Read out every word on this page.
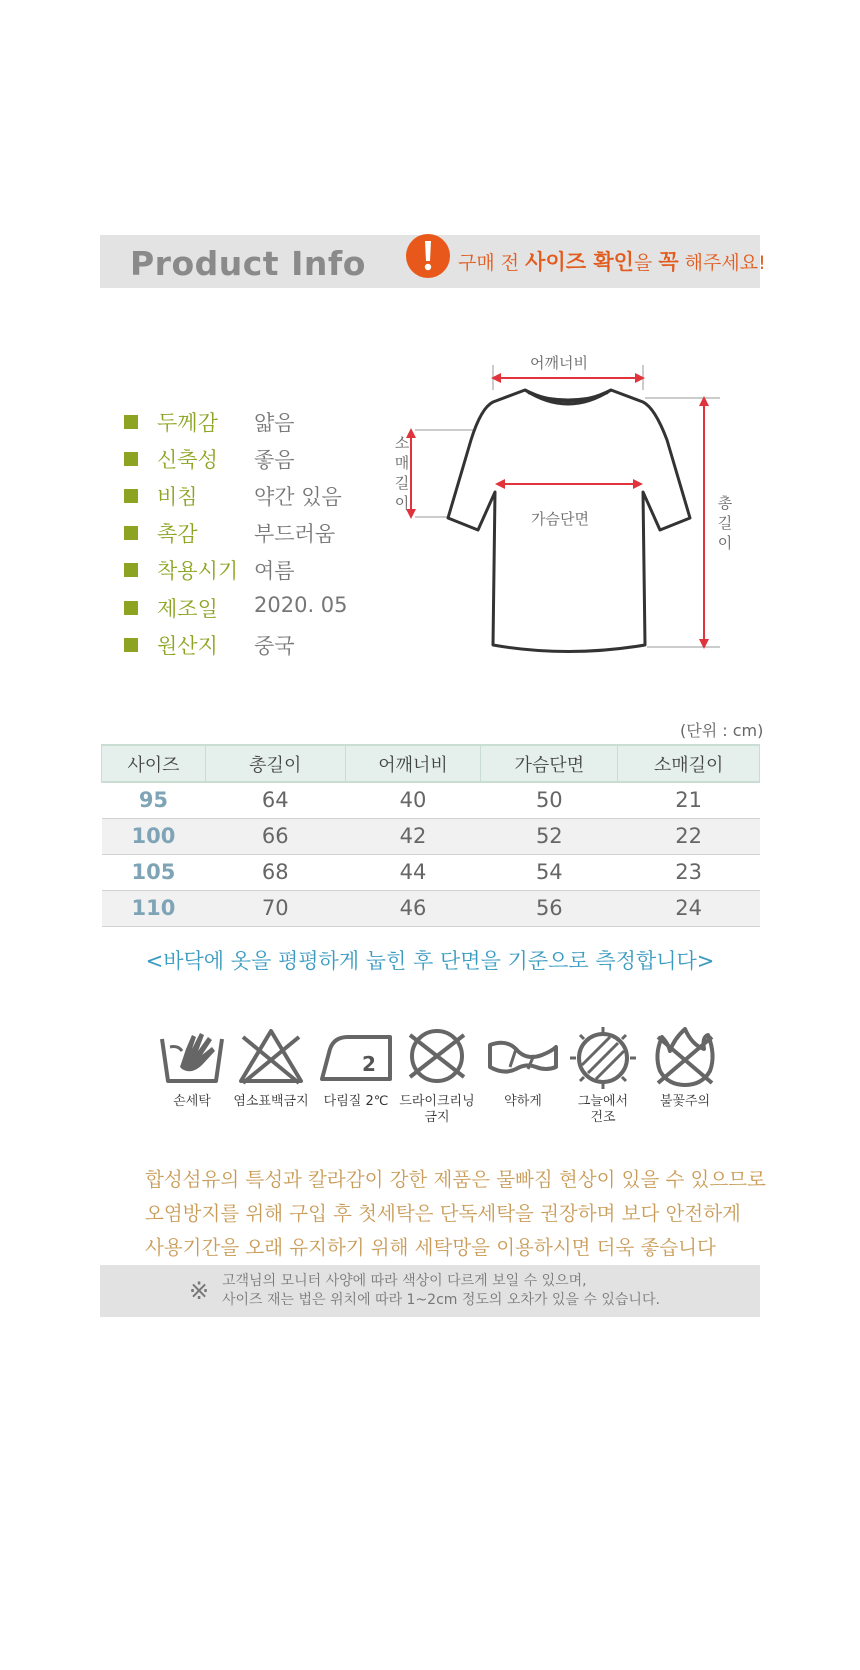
Product Info	구매 전 사이즈 확인을 꼭 해주세요!
두께감 얇음
신축성 좋음
비침	약간 있음
촉감	부드러움
착용시기 여름
제조일 2020. 05
원산지 중국
어깨너비
가슴단면
소
매
길
이	총
길
이
(단위 : cm)
사이즈	총길이	어깨너비	가슴단면	소매길이
95	64	40	50	21
100	66	42	52	22
105	68	44	54	23
110	70	46	56	24
<바닥에 옷을 평평하게 눕힌 후 단면을 기준으로 측정합니다>
손세탁	염소표백금지
2
다림질 2℃ 드라이크리닝
금지
약하게	그늘에서
건조
불꽃주의
합성섬유의 특성과 칼라감이 강한 제품은 물빠짐 현상이 있을 수 있으므로
오염방지를 위해 구입 후 첫세탁은 단독세탁을 권장하며 보다 안전하게
사용기간을 오래 유지하기 위해 세탁망을 이용하시면 더욱 좋습니다
※ 고객님의 모니터 사양에 따라 색상이 다르게 보일 수 있으며,
사이즈 재는 법은 위치에 따라 1~2cm 정도의 오차가 있을 수 있습니다.
